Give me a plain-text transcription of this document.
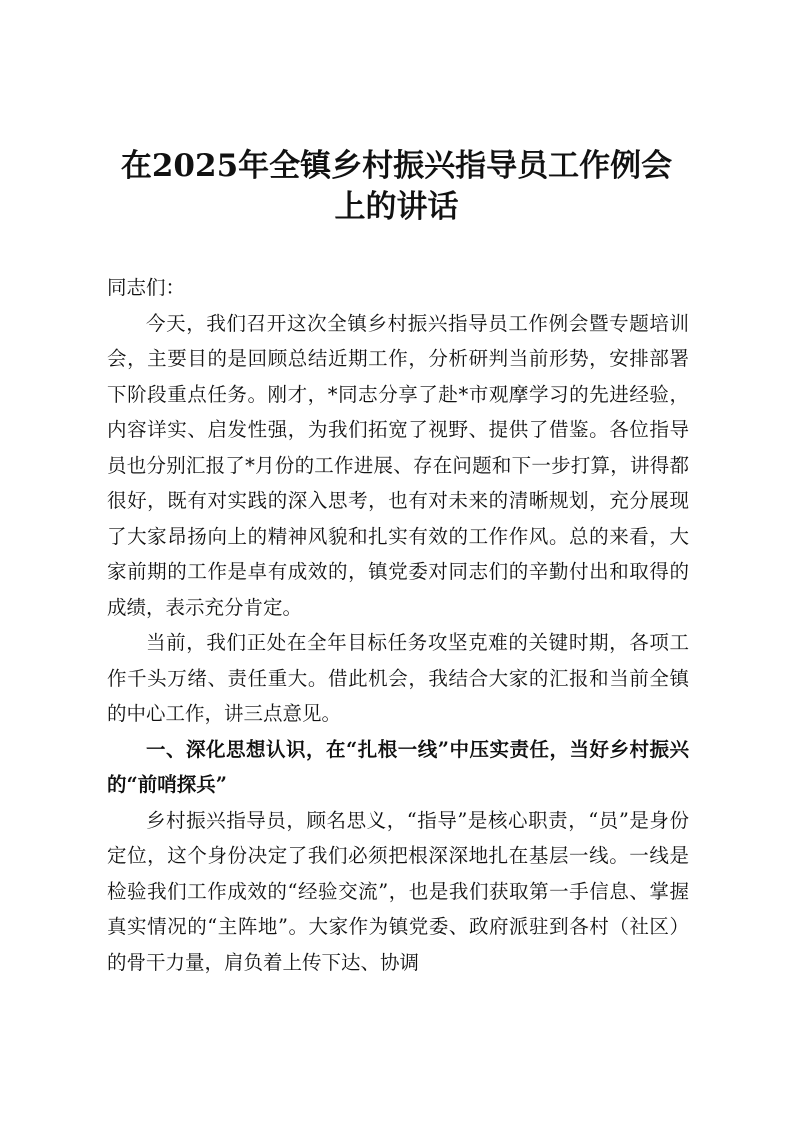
在2025年全镇乡村振兴指导员工作例会
上的讲话

同志们：

今天，我们召开这次全镇乡村振兴指导员工作例会暨专题培训会，主要目的是回顾总结近期工作，分析研判当前形势，安排部署下阶段重点任务。刚才，*同志分享了赴*市观摩学习的先进经验，内容详实、启发性强，为我们拓宽了视野、提供了借鉴。各位指导员也分别汇报了*月份的工作进展、存在问题和下一步打算，讲得都很好，既有对实践的深入思考，也有对未来的清晰规划，充分展现了大家昂扬向上的精神风貌和扎实有效的工作作风。总的来看，大家前期的工作是卓有成效的，镇党委对同志们的辛勤付出和取得的成绩，表示充分肯定。

当前，我们正处在全年目标任务攻坚克难的关键时期，各项工作千头万绪、责任重大。借此机会，我结合大家的汇报和当前全镇的中心工作，讲三点意见。

一、深化思想认识，在“扎根一线”中压实责任，当好乡村振兴的“前哨探兵”

乡村振兴指导员，顾名思义，“指导”是核心职责，“员”是身份定位，这个身份决定了我们必须把根深深地扎在基层一线。一线是检验我们工作成效的“经验交流”，也是我们获取第一手信息、掌握真实情况的“主阵地”。大家作为镇党委、政府派驻到各村（社区）的骨干力量，肩负着上传下达、协调
